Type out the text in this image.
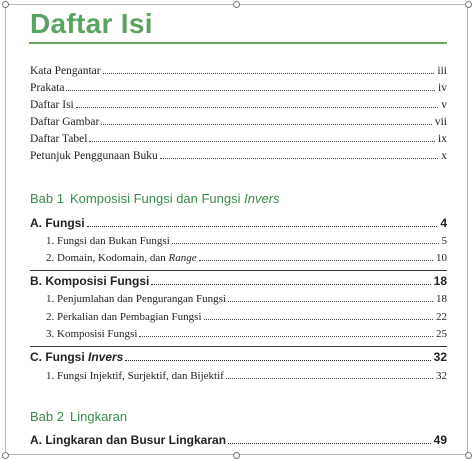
Daftar Isi
Kata Pengantar	iii
Prakata	iv
Daftar Isi	v
Daftar Gambar	vii
Daftar Tabel	ix
Petunjuk Penggunaan Buku	x
Bab 1 Komposisi Fungsi dan Fungsi Invers
A. Fungsi	4
1. Fungsi dan Bukan Fungsi	5
2. Domain, Kodomain, dan Range	10
B. Komposisi Fungsi	18
1. Penjumlahan dan Pengurangan Fungsi	18
2. Perkalian dan Pembagian Fungsi	22
3. Komposisi Fungsi	25
C. Fungsi Invers	32
1. Fungsi Injektif, Surjektif, dan Bijektif	32
Bab 2 Lingkaran
A. Lingkaran dan Busur Lingkaran	49
